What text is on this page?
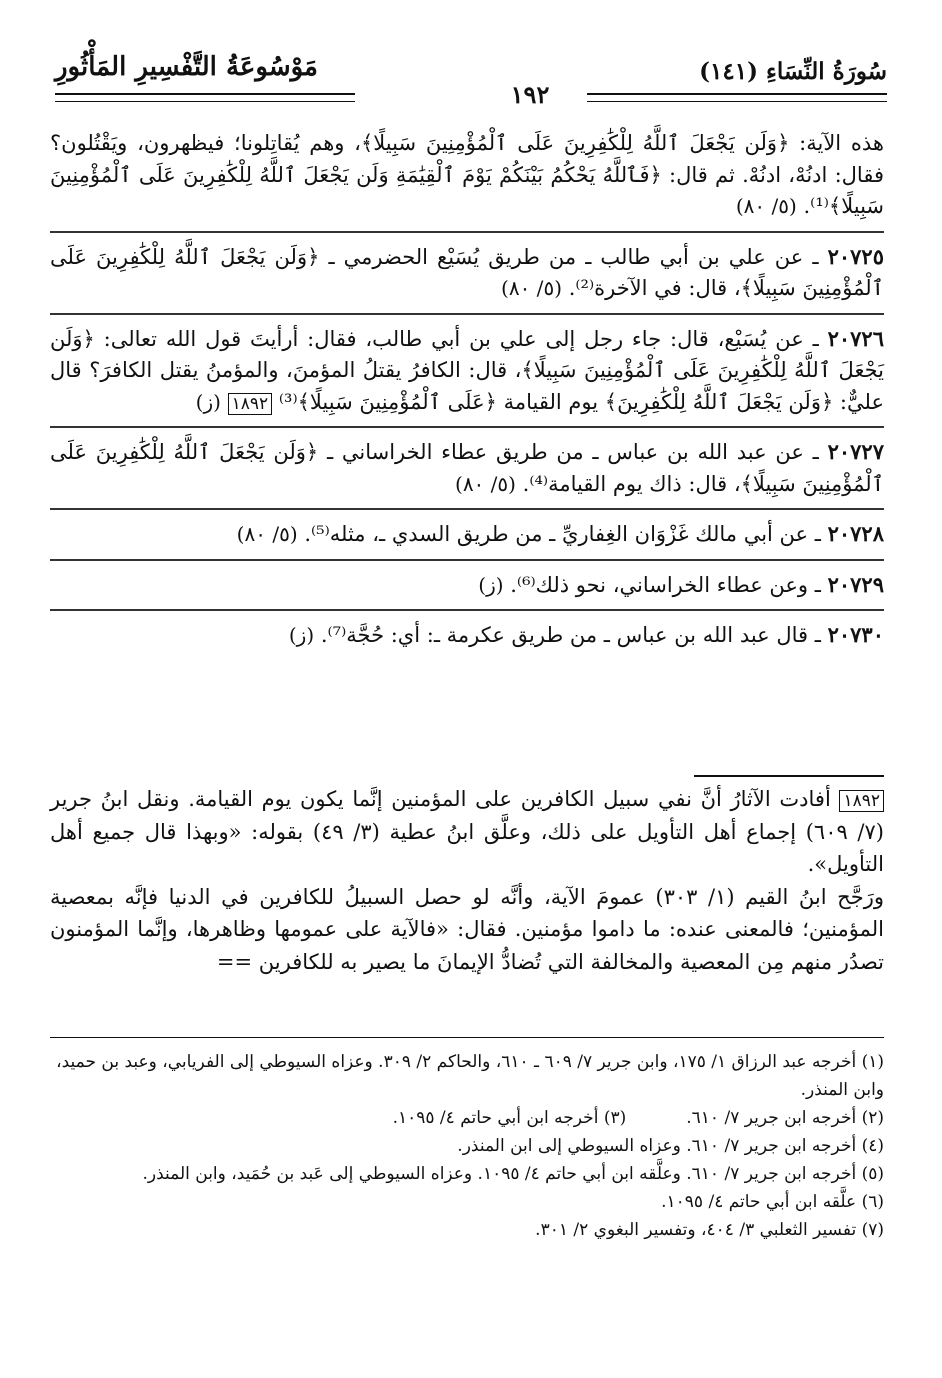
سُورَةُ النِّسَاءِ (١٤١)
مَوْسُوعَةُ التَّفْسِيرِ المَأْثُورِ
١٩٢
هذه الآية: ﴿وَلَن يَجْعَلَ ٱللَّهُ لِلْكَٰفِرِينَ عَلَى ٱلْمُؤْمِنِينَ سَبِيلًا﴾، وهم يُقاتِلونا؛ فيظهرون، ويَقْتُلون؟ فقال: ادنُهْ، ادنُهْ. ثم قال: ﴿فَٱللَّهُ يَحْكُمُ بَيْنَكُمْ يَوْمَ ٱلْقِيَٰمَةِ وَلَن يَجْعَلَ ٱللَّهُ لِلْكَٰفِرِينَ عَلَى ٱلْمُؤْمِنِينَ سَبِيلًا﴾⁽¹⁾. (٥/ ٨٠)
٢٠٧٢٥ ـ عن علي بن أبي طالب ـ من طريق يُسَيْع الحضرمي ـ ﴿وَلَن يَجْعَلَ ٱللَّهُ لِلْكَٰفِرِينَ عَلَى ٱلْمُؤْمِنِينَ سَبِيلًا﴾، قال: في الآخرة⁽²⁾. (٥/ ٨٠)
٢٠٧٢٦ ـ عن يُسَيْع، قال: جاء رجل إلى علي بن أبي طالب، فقال: أرأيتَ قول الله تعالى: ﴿وَلَن يَجْعَلَ ٱللَّهُ لِلْكَٰفِرِينَ عَلَى ٱلْمُؤْمِنِينَ سَبِيلًا﴾، قال: الكافرُ يقتلُ المؤمنَ، والمؤمنُ يقتل الكافرَ؟ قال عليٌّ: ﴿وَلَن يَجْعَلَ ٱللَّهُ لِلْكَٰفِرِينَ﴾ يوم القيامة ﴿عَلَى ٱلْمُؤْمِنِينَ سَبِيلًا﴾⁽³⁾ ١٨٩٢ (ز)
٢٠٧٢٧ ـ عن عبد الله بن عباس ـ من طريق عطاء الخراساني ـ ﴿وَلَن يَجْعَلَ ٱللَّهُ لِلْكَٰفِرِينَ عَلَى ٱلْمُؤْمِنِينَ سَبِيلًا﴾، قال: ذاك يوم القيامة⁽⁴⁾. (٥/ ٨٠)
٢٠٧٢٨ ـ عن أبي مالك غَزْوَان الغِفاريِّ ـ من طريق السدي ـ، مثله⁽⁵⁾. (٥/ ٨٠)
٢٠٧٢٩ ـ وعن عطاء الخراساني، نحو ذلك⁽⁶⁾. (ز)
٢٠٧٣٠ ـ قال عبد الله بن عباس ـ من طريق عكرمة ـ: أي: حُجَّة⁽⁷⁾. (ز)

١٨٩٢ أفادت الآثارُ أنَّ نفي سبيل الكافرين على المؤمنين إنَّما يكون يوم القيامة. ونقل ابنُ جرير (٧/ ٦٠٩) إجماع أهل التأويل على ذلك، وعلَّق ابنُ عطية (٣/ ٤٩) بقوله: «وبهذا قال جميع أهل التأويل».

ورَجَّح ابنُ القيم (١/ ٣٠٣) عمومَ الآية، وأنَّه لو حصل السبيلُ للكافرين في الدنيا فإنَّه بمعصية المؤمنين؛ فالمعنى عنده: ما داموا مؤمنين. فقال: «فالآية على عمومها وظاهرها، وإنَّما المؤمنون تصدُر منهم مِن المعصية والمخالفة التي تُضادُّ الإيمانَ ما يصير به للكافرين ==

(١) أخرجه عبد الرزاق ١/ ١٧٥، وابن جرير ٧/ ٦٠٩ ـ ٦١٠، والحاكم ٢/ ٣٠٩. وعزاه السيوطي إلى الفريابي، وعبد بن حميد، وابن المنذر.

(٢) أخرجه ابن جرير ٧/ ٦١٠.
(٣) أخرجه ابن أبي حاتم ٤/ ١٠٩٥.

(٤) أخرجه ابن جرير ٧/ ٦١٠. وعزاه السيوطي إلى ابن المنذر.

(٥) أخرجه ابن جرير ٧/ ٦١٠. وعلَّقه ابن أبي حاتم ٤/ ١٠٩٥. وعزاه السيوطي إلى عَبد بن حُمَيد، وابن المنذر.

(٦) علَّقه ابن أبي حاتم ٤/ ١٠٩٥.

(٧) تفسير الثعلبي ٣/ ٤٠٤، وتفسير البغوي ٢/ ٣٠١.
